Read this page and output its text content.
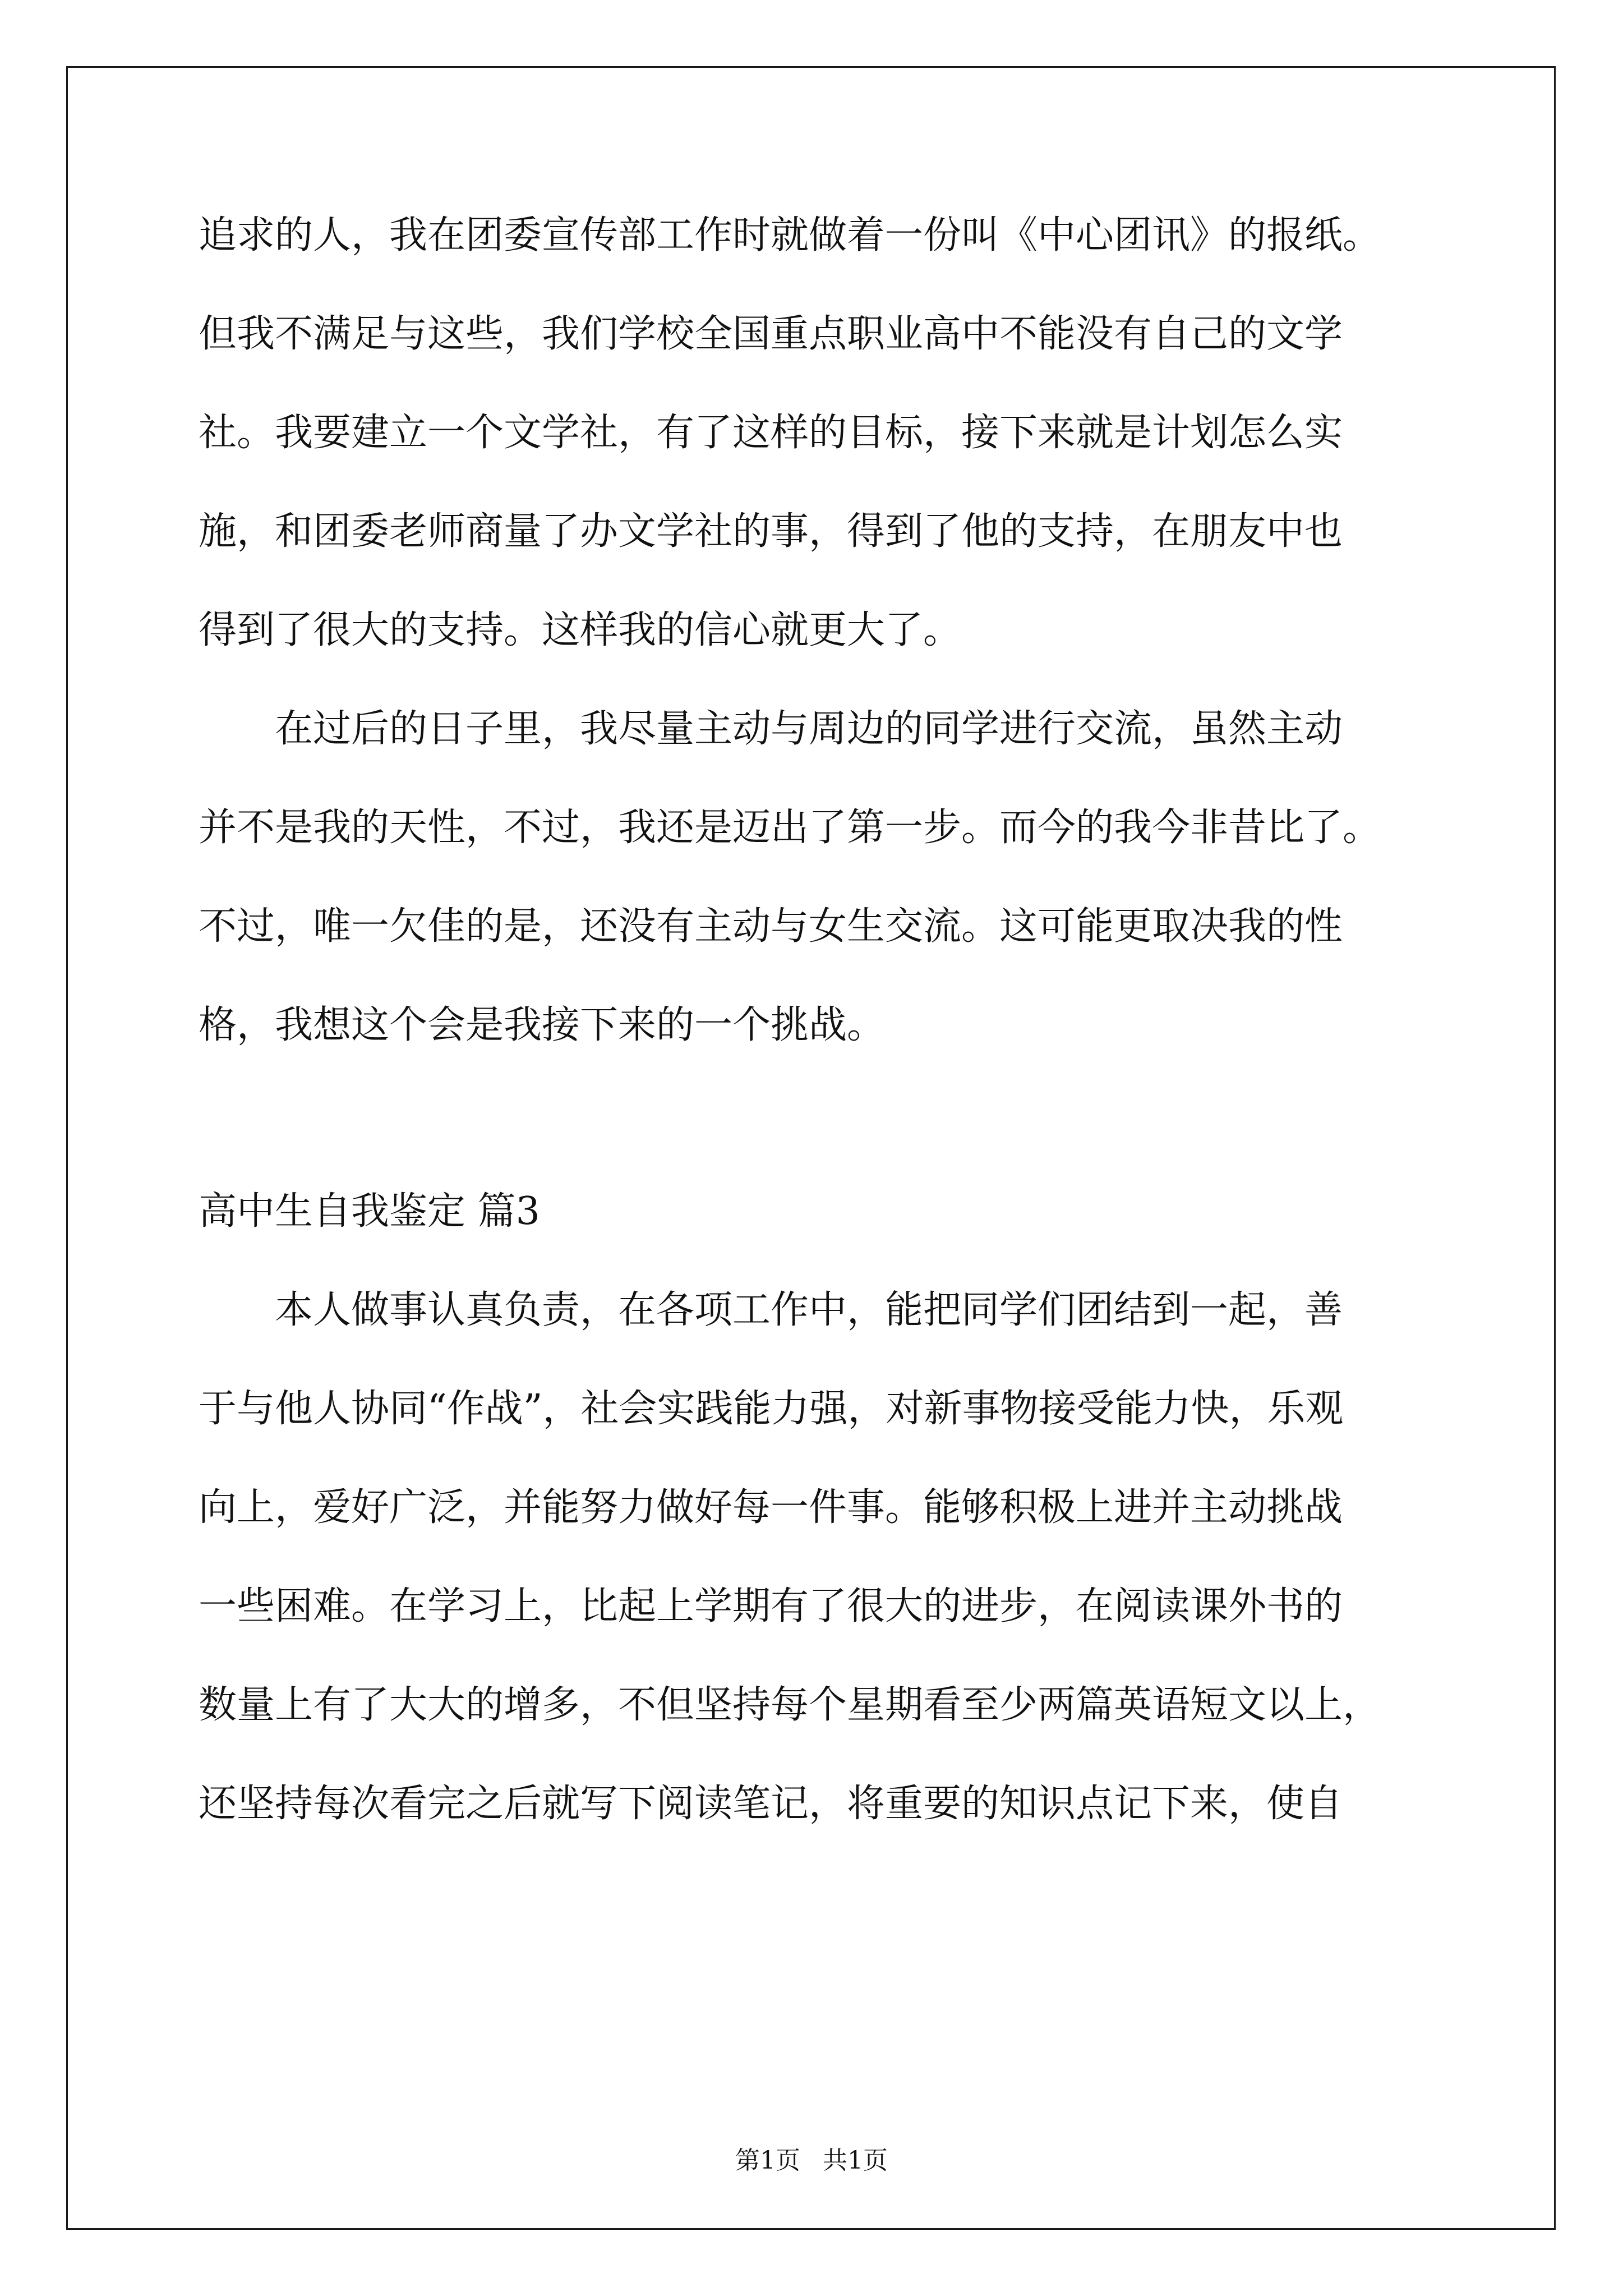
追求的人，我在团委宣传部工作时就做着一份叫《中心团讯》的报纸。
但我不满足与这些，我们学校全国重点职业高中不能没有自己的文学
社。我要建立一个文学社，有了这样的目标，接下来就是计划怎么实
施，和团委老师商量了办文学社的事，得到了他的支持，在朋友中也
得到了很大的支持。这样我的信心就更大了。
在过后的日子里，我尽量主动与周边的同学进行交流，虽然主动
并不是我的天性，不过，我还是迈出了第一步。而今的我今非昔比了。
不过，唯一欠佳的是，还没有主动与女生交流。这可能更取决我的性
格，我想这个会是我接下来的一个挑战。
高中生自我鉴定 篇3
本人做事认真负责，在各项工作中，能把同学们团结到一起，善
于与他人协同“作战”，社会实践能力强，对新事物接受能力快，乐观
向上，爱好广泛，并能努力做好每一件事。能够积极上进并主动挑战
一些困难。在学习上，比起上学期有了很大的进步，在阅读课外书的
数量上有了大大的增多，不但坚持每个星期看至少两篇英语短文以上，
还坚持每次看完之后就写下阅读笔记，将重要的知识点记下来，使自
第1页 共1页
